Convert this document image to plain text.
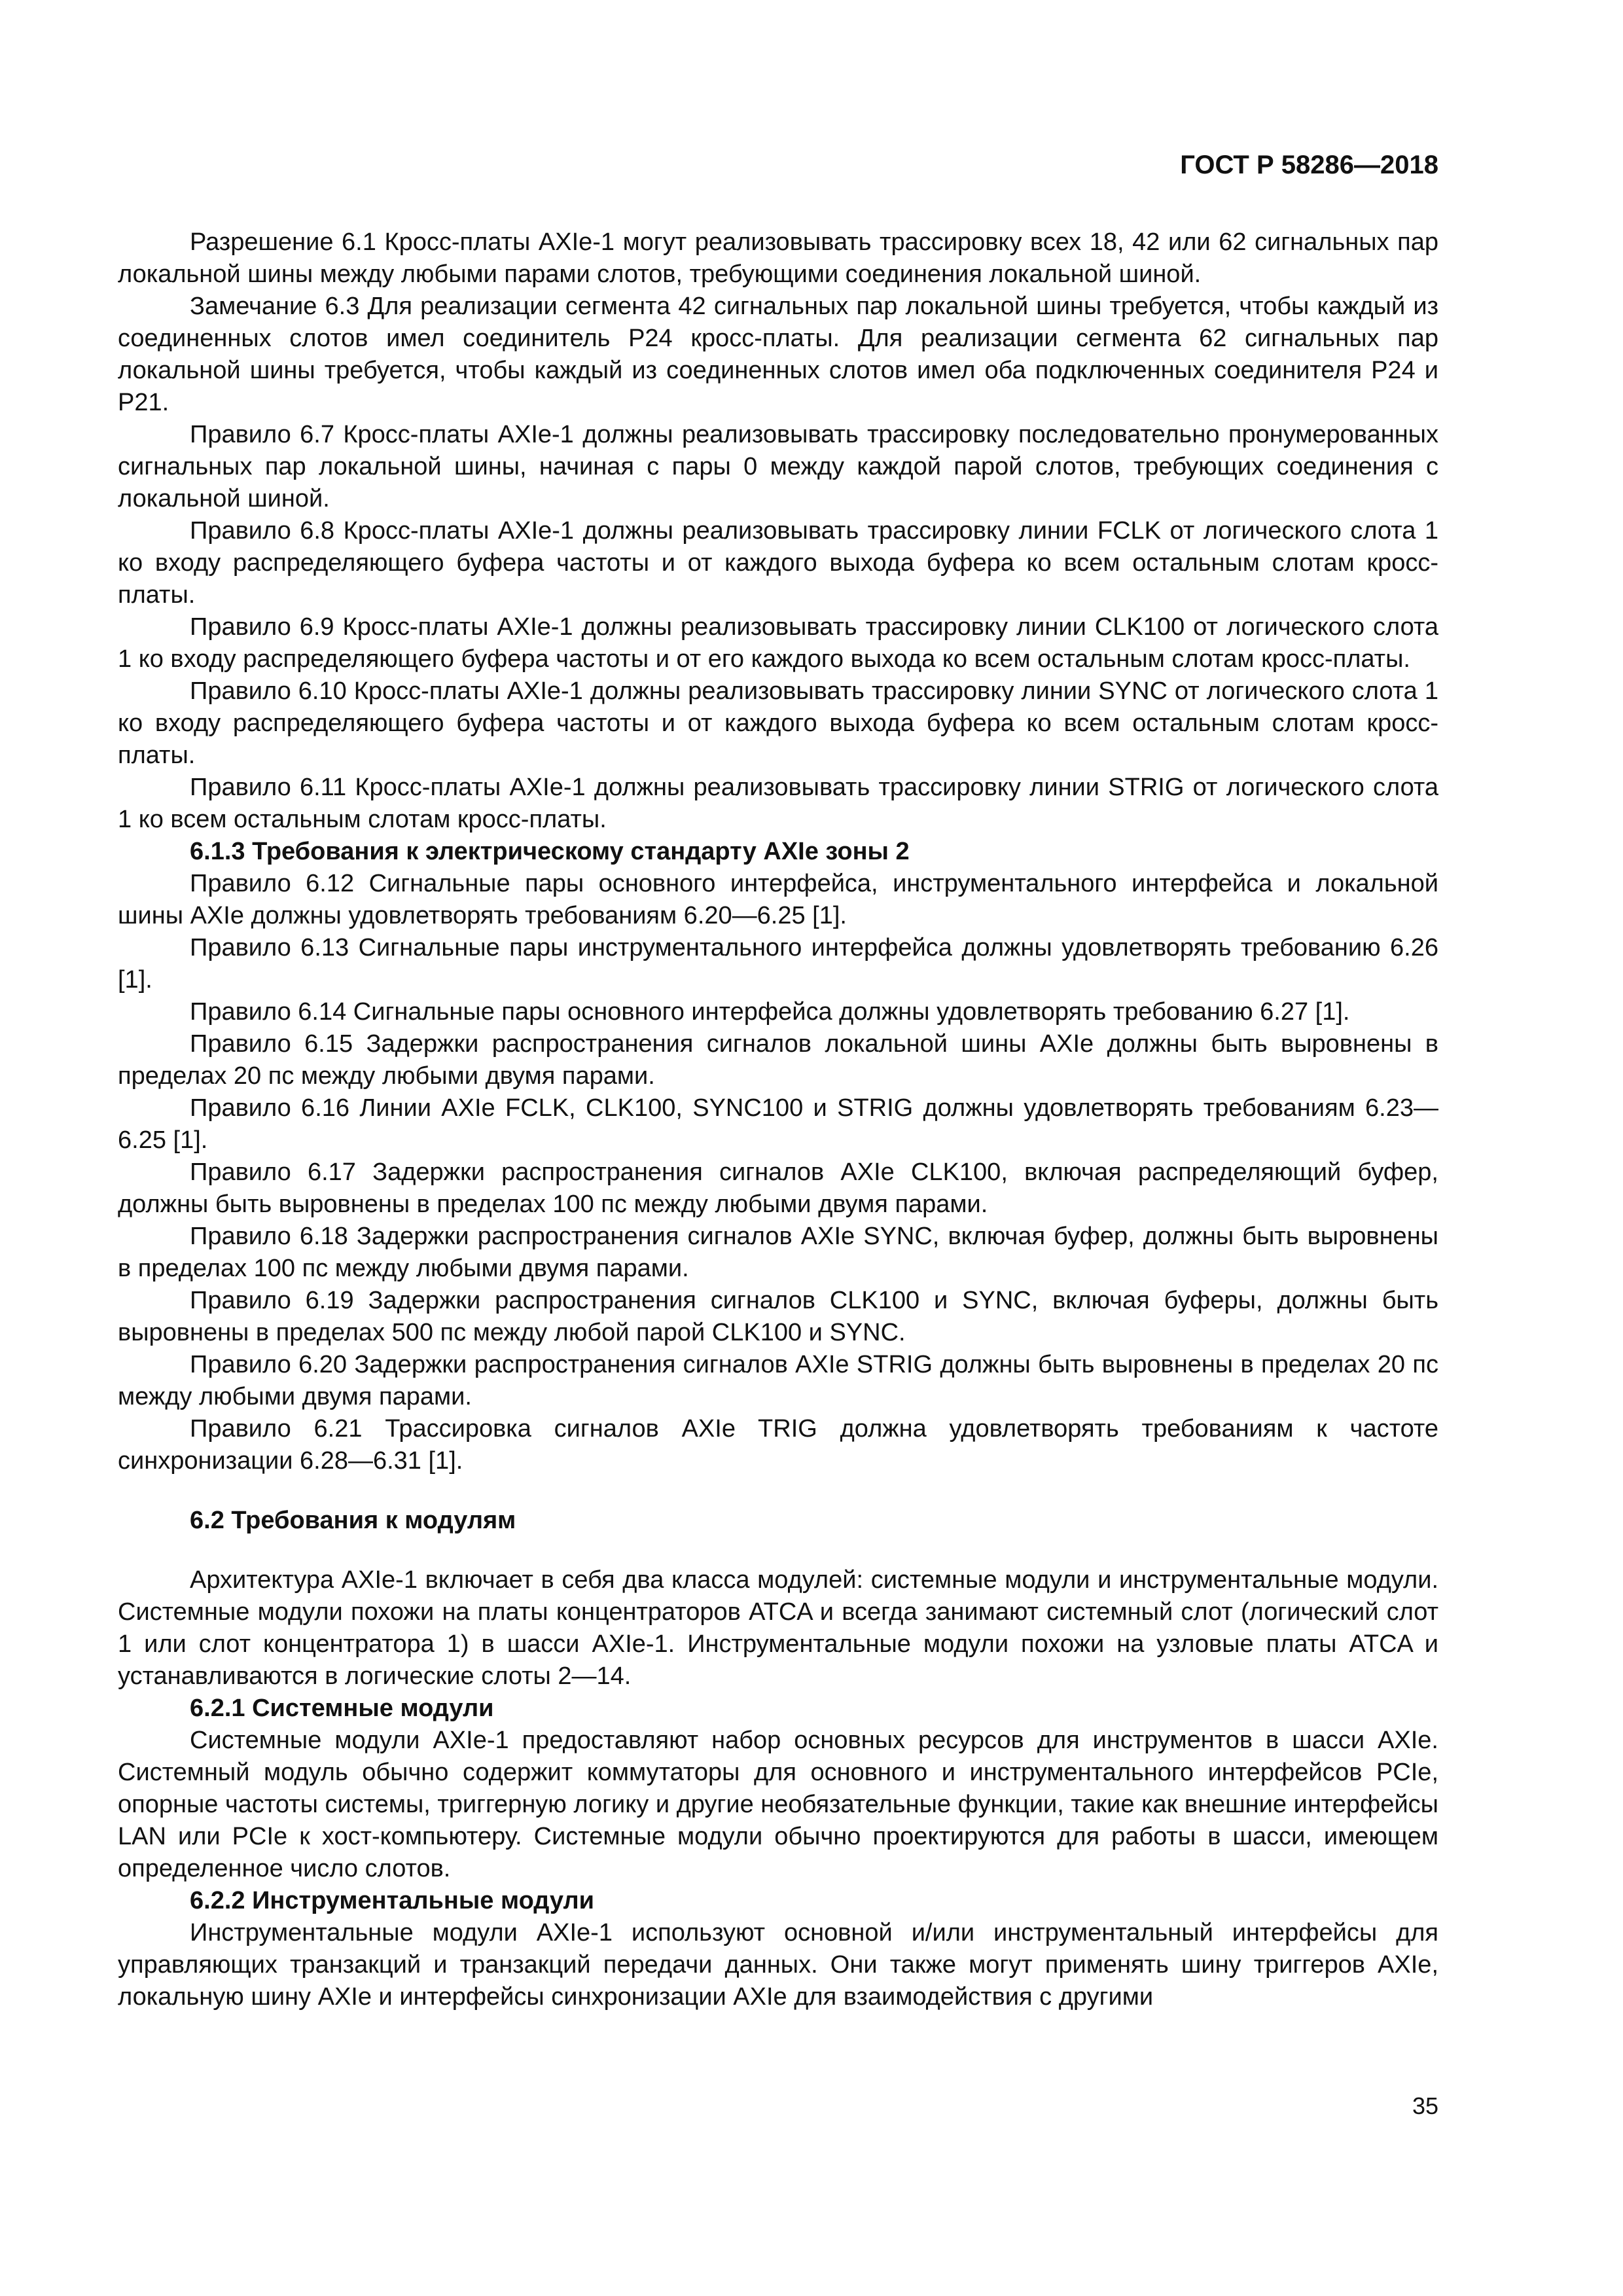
ГОСТ Р 58286—2018

Разрешение 6.1 Кросс-платы AXIe-1 могут реализовывать трассировку всех 18, 42 или 62 сигнальных пар локальной шины между любыми парами слотов, требующими соединения локальной шиной.

Замечание 6.3 Для реализации сегмента 42 сигнальных пар локальной шины требуется, чтобы каждый из соединенных слотов имел соединитель P24 кросс-платы. Для реализации сегмента 62 сигнальных пар локальной шины требуется, чтобы каждый из соединенных слотов имел оба подключенных соединителя P24 и P21.

Правило 6.7 Кросс-платы AXIe-1 должны реализовывать трассировку последовательно пронумерованных сигнальных пар локальной шины, начиная с пары 0 между каждой парой слотов, требующих соединения с локальной шиной.

Правило 6.8 Кросс-платы AXIe-1 должны реализовывать трассировку линии FCLK от логического слота 1 ко входу распределяющего буфера частоты и от каждого выхода буфера ко всем остальным слотам кросс-платы.

Правило 6.9 Кросс-платы AXIe-1 должны реализовывать трассировку линии CLK100 от логического слота 1 ко входу распределяющего буфера частоты и от его каждого выхода ко всем остальным слотам кросс-платы.

Правило 6.10 Кросс-платы AXIe-1 должны реализовывать трассировку линии SYNC от логического слота 1 ко входу распределяющего буфера частоты и от каждого выхода буфера ко всем остальным слотам кросс-платы.

Правило 6.11 Кросс-платы AXIe-1 должны реализовывать трассировку линии STRIG от логического слота 1 ко всем остальным слотам кросс-платы.

6.1.3 Требования к электрическому стандарту AXIe зоны 2

Правило 6.12 Сигнальные пары основного интерфейса, инструментального интерфейса и локальной шины AXIe должны удовлетворять требованиям 6.20—6.25 [1].

Правило 6.13 Сигнальные пары инструментального интерфейса должны удовлетворять требованию 6.26 [1].

Правило 6.14 Сигнальные пары основного интерфейса должны удовлетворять требованию 6.27 [1].

Правило 6.15 Задержки распространения сигналов локальной шины AXIe должны быть выровнены в пределах 20 пс между любыми двумя парами.

Правило 6.16 Линии AXIe FCLK, CLK100, SYNC100 и STRIG должны удовлетворять требованиям 6.23—6.25 [1].

Правило 6.17 Задержки распространения сигналов AXIe CLK100, включая распределяющий буфер, должны быть выровнены в пределах 100 пс между любыми двумя парами.

Правило 6.18 Задержки распространения сигналов AXIe SYNC, включая буфер, должны быть выровнены в пределах 100 пс между любыми двумя парами.

Правило 6.19 Задержки распространения сигналов CLK100 и SYNC, включая буферы, должны быть выровнены в пределах 500 пс между любой парой CLK100 и SYNC.

Правило 6.20 Задержки распространения сигналов AXIe STRIG должны быть выровнены в пределах 20 пс между любыми двумя парами.

Правило 6.21 Трассировка сигналов AXIe TRIG должна удовлетворять требованиям к частоте синхронизации 6.28—6.31 [1].

6.2 Требования к модулям

Архитектура AXIe-1 включает в себя два класса модулей: системные модули и инструментальные модули. Системные модули похожи на платы концентраторов ATCA и всегда занимают системный слот (логический слот 1 или слот концентратора 1) в шасси AXIe-1. Инструментальные модули похожи на узловые платы ATCA и устанавливаются в логические слоты 2—14.

6.2.1 Системные модули

Системные модули AXIe-1 предоставляют набор основных ресурсов для инструментов в шасси AXIe. Системный модуль обычно содержит коммутаторы для основного и инструментального интерфейсов PCIe, опорные частоты системы, триггерную логику и другие необязательные функции, такие как внешние интерфейсы LAN или PCIe к хост-компьютеру. Системные модули обычно проектируются для работы в шасси, имеющем определенное число слотов.

6.2.2 Инструментальные модули

Инструментальные модули AXIe-1 используют основной и/или инструментальный интерфейсы для управляющих транзакций и транзакций передачи данных. Они также могут применять шину триггеров AXIe, локальную шину AXIe и интерфейсы синхронизации AXIe для взаимодействия с другими

35
